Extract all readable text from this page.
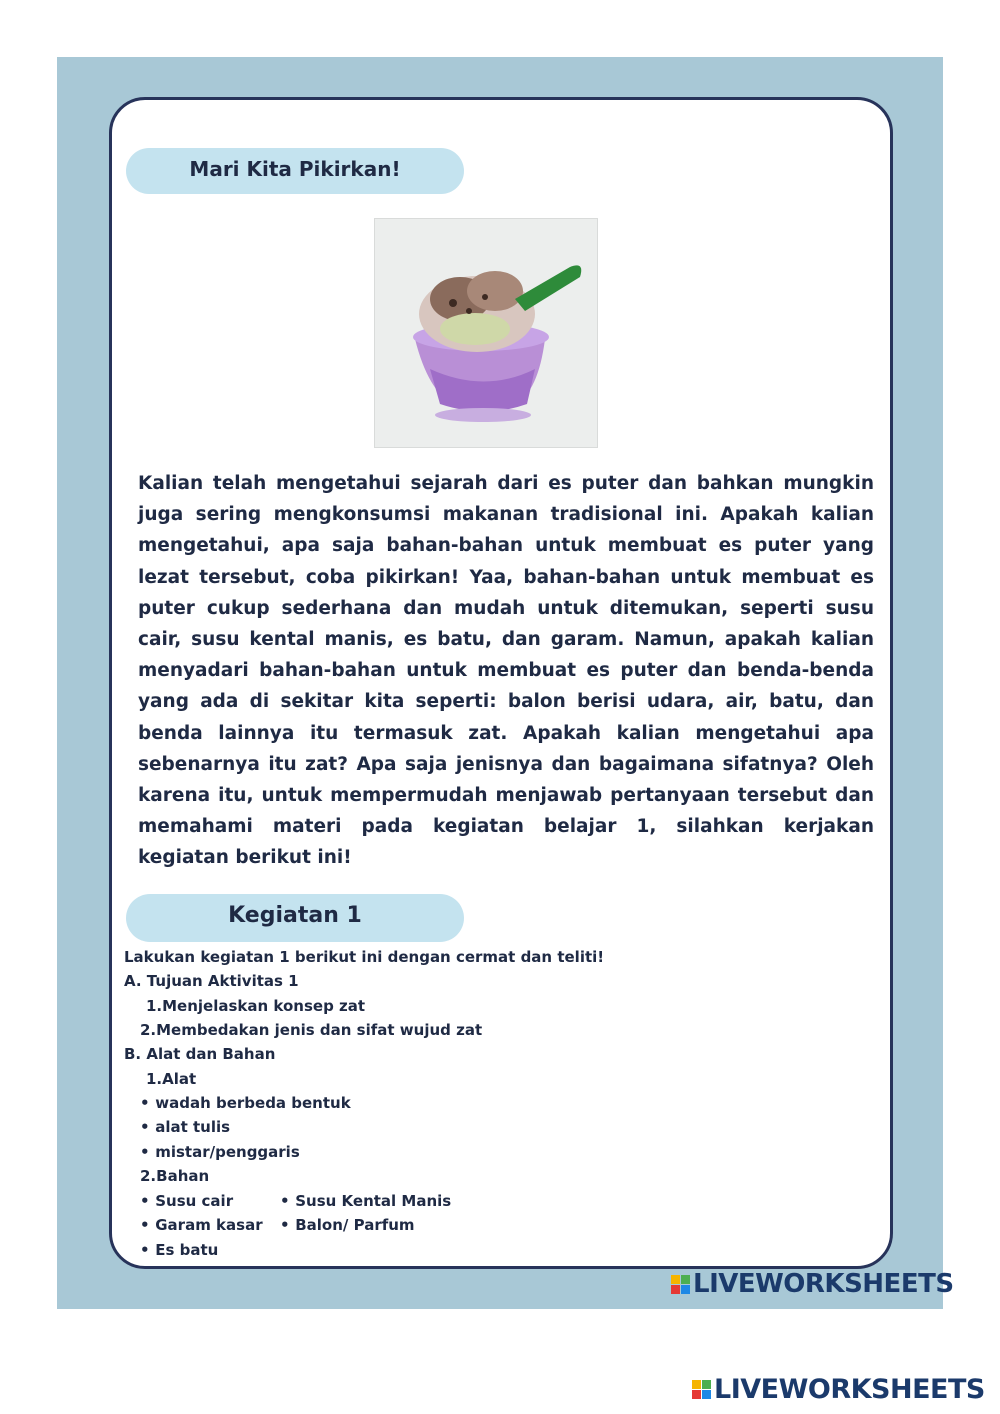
Mari Kita Pikirkan!

Kalian telah mengetahui sejarah dari es puter dan bahkan mungkin juga sering mengkonsumsi makanan tradisional ini. Apakah kalian mengetahui, apa saja bahan-bahan untuk membuat es puter yang lezat tersebut, coba pikirkan! Yaa, bahan-bahan untuk membuat es puter cukup sederhana dan mudah untuk ditemukan, seperti susu cair, susu kental manis, es batu, dan garam. Namun, apakah kalian menyadari bahan-bahan untuk membuat es puter dan benda-benda yang ada di sekitar kita seperti: balon berisi udara, air, batu, dan benda lainnya itu termasuk zat. Apakah kalian mengetahui apa sebenarnya itu zat? Apa saja jenisnya dan bagaimana sifatnya? Oleh karena itu, untuk mempermudah menjawab pertanyaan tersebut dan memahami materi pada kegiatan belajar 1, silahkan kerjakan kegiatan berikut ini!

Kegiatan 1
Lakukan kegiatan 1 berikut ini dengan cermat dan teliti!
A. Tujuan Aktivitas 1
1.Menjelaskan konsep zat
2.Membedakan jenis dan sifat wujud zat
B. Alat dan Bahan
1.Alat
• wadah berbeda bentuk
• alat tulis
• mistar/penggaris
2.Bahan
• Susu cair
• Garam kasar
• Es batu
• Susu Kental Manis
• Balon/ Parfum
LIVEWORKSHEETS
LIVEWORKSHEETS
